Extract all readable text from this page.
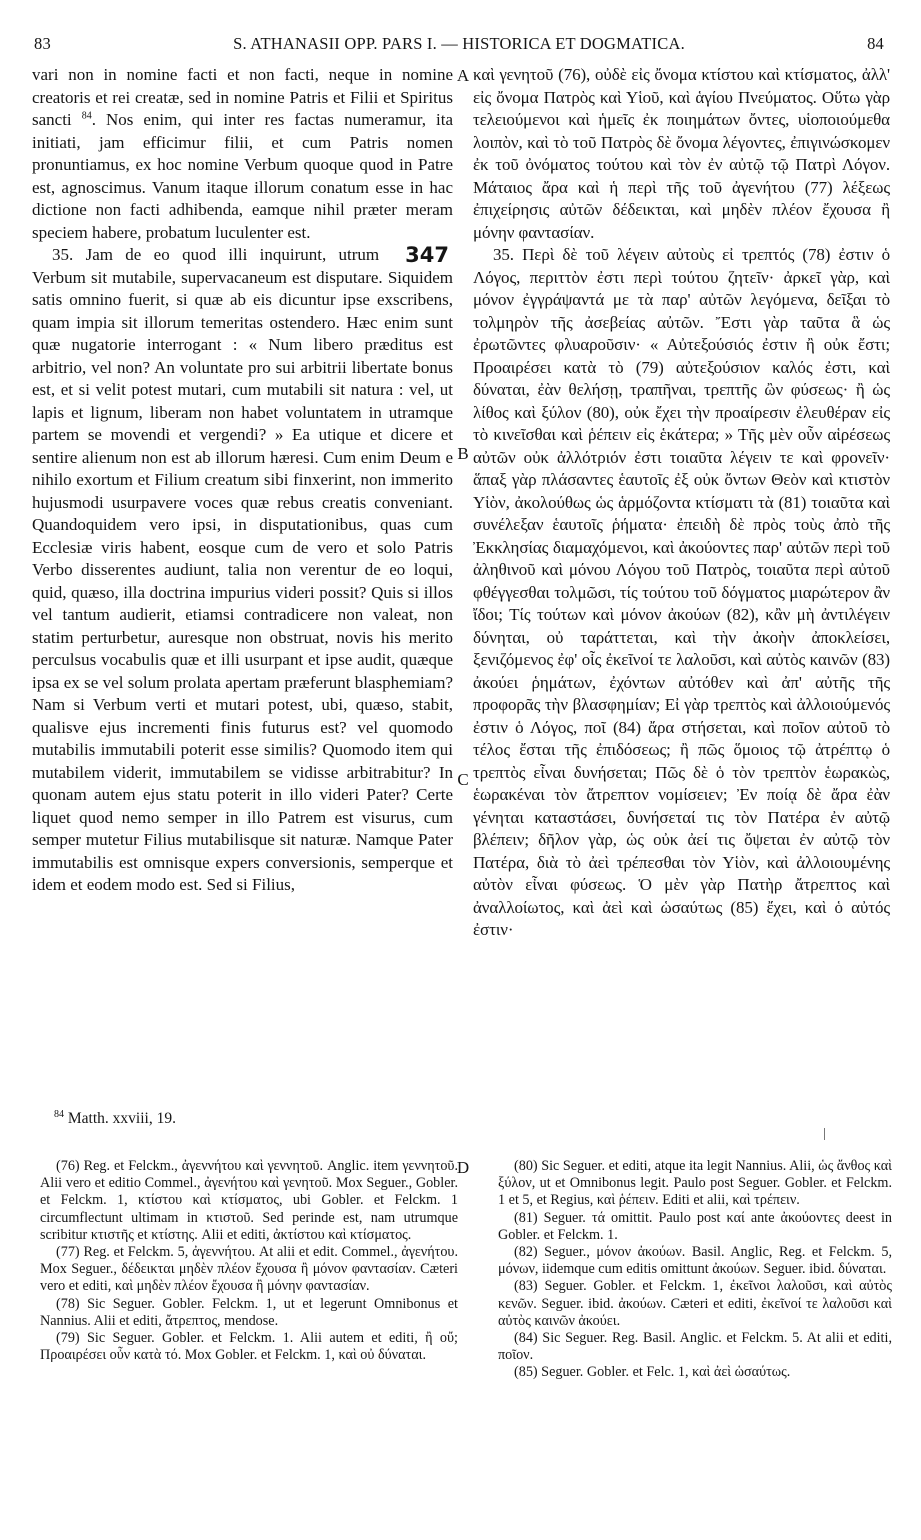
83	S. ATHANASII OPP. PARS I. — HISTORICA ET DOGMATICA.	84

vari non in nomine facti et non facti, neque in nomine creatoris et rei creatæ, sed in nomine Patris et Filii et Spiritus sancti $^{84}$. Nos enim, qui inter res factas numeramur, ita initiati, jam efficimur filii, et cum Patris nomen pronuntiamus, ex hoc nomine Verbum quoque quod in Patre est, agnoscimus. Vanum itaque illorum conatum esse in hac dictione non facti adhibenda, eamque nihil præter meram speciem habere, probatum luculenter est.

347
35. Jam de eo quod illi inquirunt, utrum Verbum sit mutabile, supervacaneum est disputare. Siquidem satis omnino fuerit, si quæ ab eis dicuntur ipse exscribens, quam impia sit illorum temeritas ostendero. Hæc enim sunt quæ nugatorie interrogant : « Num libero præditus est arbitrio, vel non? An voluntate pro sui arbitrii libertate bonus est, et si velit potest mutari, cum mutabili sit natura : vel, ut lapis et lignum, liberam non habet voluntatem in utramque partem se movendi et vergendi? » Ea utique et dicere et sentire alienum non est ab illorum hæresi. Cum enim Deum e nihilo exortum et Filium creatum sibi finxerint, non immerito hujusmodi usurpavere voces quæ rebus creatis conveniant. Quandoquidem vero ipsi, in disputationibus, quas cum Ecclesiæ viris habent, eosque cum de vero et solo Patris Verbo disserentes audiunt, talia non verentur de eo loqui, quid, quæso, illa doctrina impurius videri possit? Quis si illos vel tantum audierit, etiamsi contradicere non valeat, non statim perturbetur, auresque non obstruat, novis his merito perculsus vocabulis quæ et illi usurpant et ipse audit, quæque ipsa ex se vel solum prolata apertam præferunt blasphemiam? Nam si Verbum verti et mutari potest, ubi, quæso, stabit, qualisve ejus incrementi finis futurus est? vel quomodo mutabilis immutabili poterit esse similis? Quomodo item qui mutabilem viderit, immutabilem se vidisse arbitrabitur? In quonam autem ejus statu poterit in illo videri Pater? Certe liquet quod nemo semper in illo Patrem est visurus, cum semper mutetur Filius mutabilisque sit naturæ. Namque Pater immutabilis est omnisque expers conversionis, semperque et idem et eodem modo est. Sed si Filius,

A
B
C
D

καὶ γενητοῦ (76), οὐδὲ εἰς ὄνομα κτίστου καὶ κτίσματος, ἀλλ' εἰς ὄνομα Πατρὸς καὶ Υἱοῦ, καὶ ἁγίου Πνεύματος. Οὕτω γὰρ τελειούμενοι καὶ ἡμεῖς ἐκ ποιημάτων ὄντες, υἱοποιούμεθα λοιπὸν, καὶ τὸ τοῦ Πατρὸς δὲ ὄνομα λέγοντες, ἐπιγινώσκομεν ἐκ τοῦ ὀνόματος τούτου καὶ τὸν ἐν αὐτῷ τῷ Πατρὶ Λόγον. Μάταιος ἄρα καὶ ἡ περὶ τῆς τοῦ ἀγενήτου (77) λέξεως ἐπιχείρησις αὐτῶν δέδεικται, καὶ μηδὲν πλέον ἔχουσα ἢ μόνην φαντασίαν.

35. Περὶ δὲ τοῦ λέγειν αὐτοὺς εἰ τρεπτός (78) ἐστιν ὁ Λόγος, περιττὸν ἐστι περὶ τούτου ζητεῖν· ἀρκεῖ γὰρ, καὶ μόνον ἐγγράψαντά με τὰ παρ' αὐτῶν λεγόμενα, δεῖξαι τὸ τολμηρὸν τῆς ἀσεβείας αὐτῶν. Ἔστι γὰρ ταῦτα ἃ ὡς ἐρωτῶντες φλυαροῦσιν· « Αὐτεξούσιός ἐστιν ἢ οὐκ ἔστι; Προαιρέσει κατὰ τὸ (79) αὐτεξούσιον καλός ἐστι, καὶ δύναται, ἐὰν θελήσῃ, τραπῆναι, τρεπτῆς ὢν φύσεως· ἢ ὡς λίθος καὶ ξύλον (80), οὐκ ἔχει τὴν προαίρεσιν ἐλευθέραν εἰς τὸ κινεῖσθαι καὶ ῥέπειν εἰς ἑκάτερα; » Τῆς μὲν οὖν αἱρέσεως αὐτῶν οὐκ ἀλλότριόν ἐστι τοιαῦτα λέγειν τε καὶ φρονεῖν· ἅπαξ γὰρ πλάσαντες ἑαυτοῖς ἐξ οὐκ ὄντων Θεὸν καὶ κτιστὸν Υἱὸν, ἀκολούθως ὡς ἁρμόζοντα κτίσματι τὰ (81) τοιαῦτα καὶ συνέλεξαν ἑαυτοῖς ῥήματα· ἐπειδὴ δὲ πρὸς τοὺς ἀπὸ τῆς Ἐκκλησίας διαμαχόμενοι, καὶ ἀκούοντες παρ' αὐτῶν περὶ τοῦ ἀληθινοῦ καὶ μόνου Λόγου τοῦ Πατρὸς, τοιαῦτα περὶ αὐτοῦ φθέγγεσθαι τολμῶσι, τίς τούτου τοῦ δόγματος μιαρώτερον ἂν ἴδοι; Τίς τούτων καὶ μόνον ἀκούων (82), κἂν μὴ ἀντιλέγειν δύνηται, οὐ ταράττεται, καὶ τὴν ἀκοὴν ἀποκλείσει, ξενιζόμενος ἐφ' οἷς ἐκεῖνοί τε λαλοῦσι, καὶ αὐτὸς καινῶν (83) ἀκούει ῥημάτων, ἐχόντων αὐτόθεν καὶ ἀπ' αὐτῆς τῆς προφορᾶς τὴν βλασφημίαν; Εἰ γὰρ τρεπτὸς καὶ ἀλλοιούμενός ἐστιν ὁ Λόγος, ποῖ (84) ἄρα στήσεται, καὶ ποῖον αὐτοῦ τὸ τέλος ἔσται τῆς ἐπιδόσεως; ἢ πῶς ὅμοιος τῷ ἀτρέπτῳ ὁ τρεπτὸς εἶναι δυνήσεται; Πῶς δὲ ὁ τὸν τρεπτὸν ἑωρακὼς, ἑωρακέναι τὸν ἄτρεπτον νομίσειεν; Ἐν ποίᾳ δὲ ἄρα ἐὰν γένηται καταστάσει, δυνήσεταί τις τὸν Πατέρα ἐν αὐτῷ βλέπειν; δῆλον γὰρ, ὡς οὐκ ἀεί τις ὄψεται ἐν αὐτῷ τὸν Πατέρα, διὰ τὸ ἀεὶ τρέπεσθαι τὸν Υἱὸν, καὶ ἀλλοιουμένης αὐτὸν εἶναι φύσεως. Ὁ μὲν γὰρ Πατὴρ ἄτρεπτος καὶ ἀναλλοίωτος, καὶ ἀεὶ καὶ ὡσαύτως (85) ἔχει, καὶ ὁ αὐτός ἐστιν·

$^{84}$ Matth. xxviii, 19.

(76) Reg. et Felckm., ἀγεννήτου καὶ γεννητοῦ. Anglic. item γεννητοῦ. Alii vero et editio Commel., ἀγενήτου καὶ γενητοῦ. Mox Seguer., Gobler. et Felckm. 1, κτίστου καὶ κτίσματος, ubi Gobler. et Felckm. 1 circumflectunt ultimam in κτιστοῦ. Sed perinde est, nam utrumque scribitur κτιστῆς et κτίστης. Alii et editi, ἀκτίστου καὶ κτίσματος.

(77) Reg. et Felckm. 5, ἀγεννήτου. At alii et edit. Commel., ἀγενήτου. Mox Seguer., δέδεικται μηδὲν πλέον ἔχουσα ἢ μόνον φαντασίαν. Cæteri vero et editi, καὶ μηδὲν πλέον ἔχουσα ἢ μόνην φαντασίαν.

(78) Sic Seguer. Gobler. Felckm. 1, ut et legerunt Omnibonus et Nannius. Alii et editi, ἄτρεπτος, mendose.

(79) Sic Seguer. Gobler. et Felckm. 1. Alii autem et editi, ἢ οὔ; Προαιρέσει οὖν κατὰ τό. Mox Gobler. et Felckm. 1, καὶ οὐ δύναται.

(80) Sic Seguer. et editi, atque ita legit Nannius. Alii, ὡς ἄνθος καὶ ξύλον, ut et Omnibonus legit. Paulo post Seguer. Gobler. et Felckm. 1 et 5, et Regius, καὶ ῥέπειν. Editi et alii, καὶ τρέπειν.

(81) Seguer. τά omittit. Paulo post καί ante ἀκούοντες deest in Gobler. et Felckm. 1.

(82) Seguer., μόνον ἀκούων. Basil. Anglic, Reg. et Felckm. 5, μόνων, iidemque cum editis omittunt ἀκούων. Seguer. ibid. δύναται.

(83) Seguer. Gobler. et Felckm. 1, ἐκεῖνοι λαλοῦσι, καὶ αὐτὸς κενῶν. Seguer. ibid. ἀκούων. Cæteri et editi, ἐκεῖνοί τε λαλοῦσι καὶ αὐτὸς καινῶν ἀκούει.

(84) Sic Seguer. Reg. Basil. Anglic. et Felckm. 5. At alii et editi, ποῖον.

(85) Seguer. Gobler. et Felc. 1, καὶ ἀεὶ ὡσαύτως.
